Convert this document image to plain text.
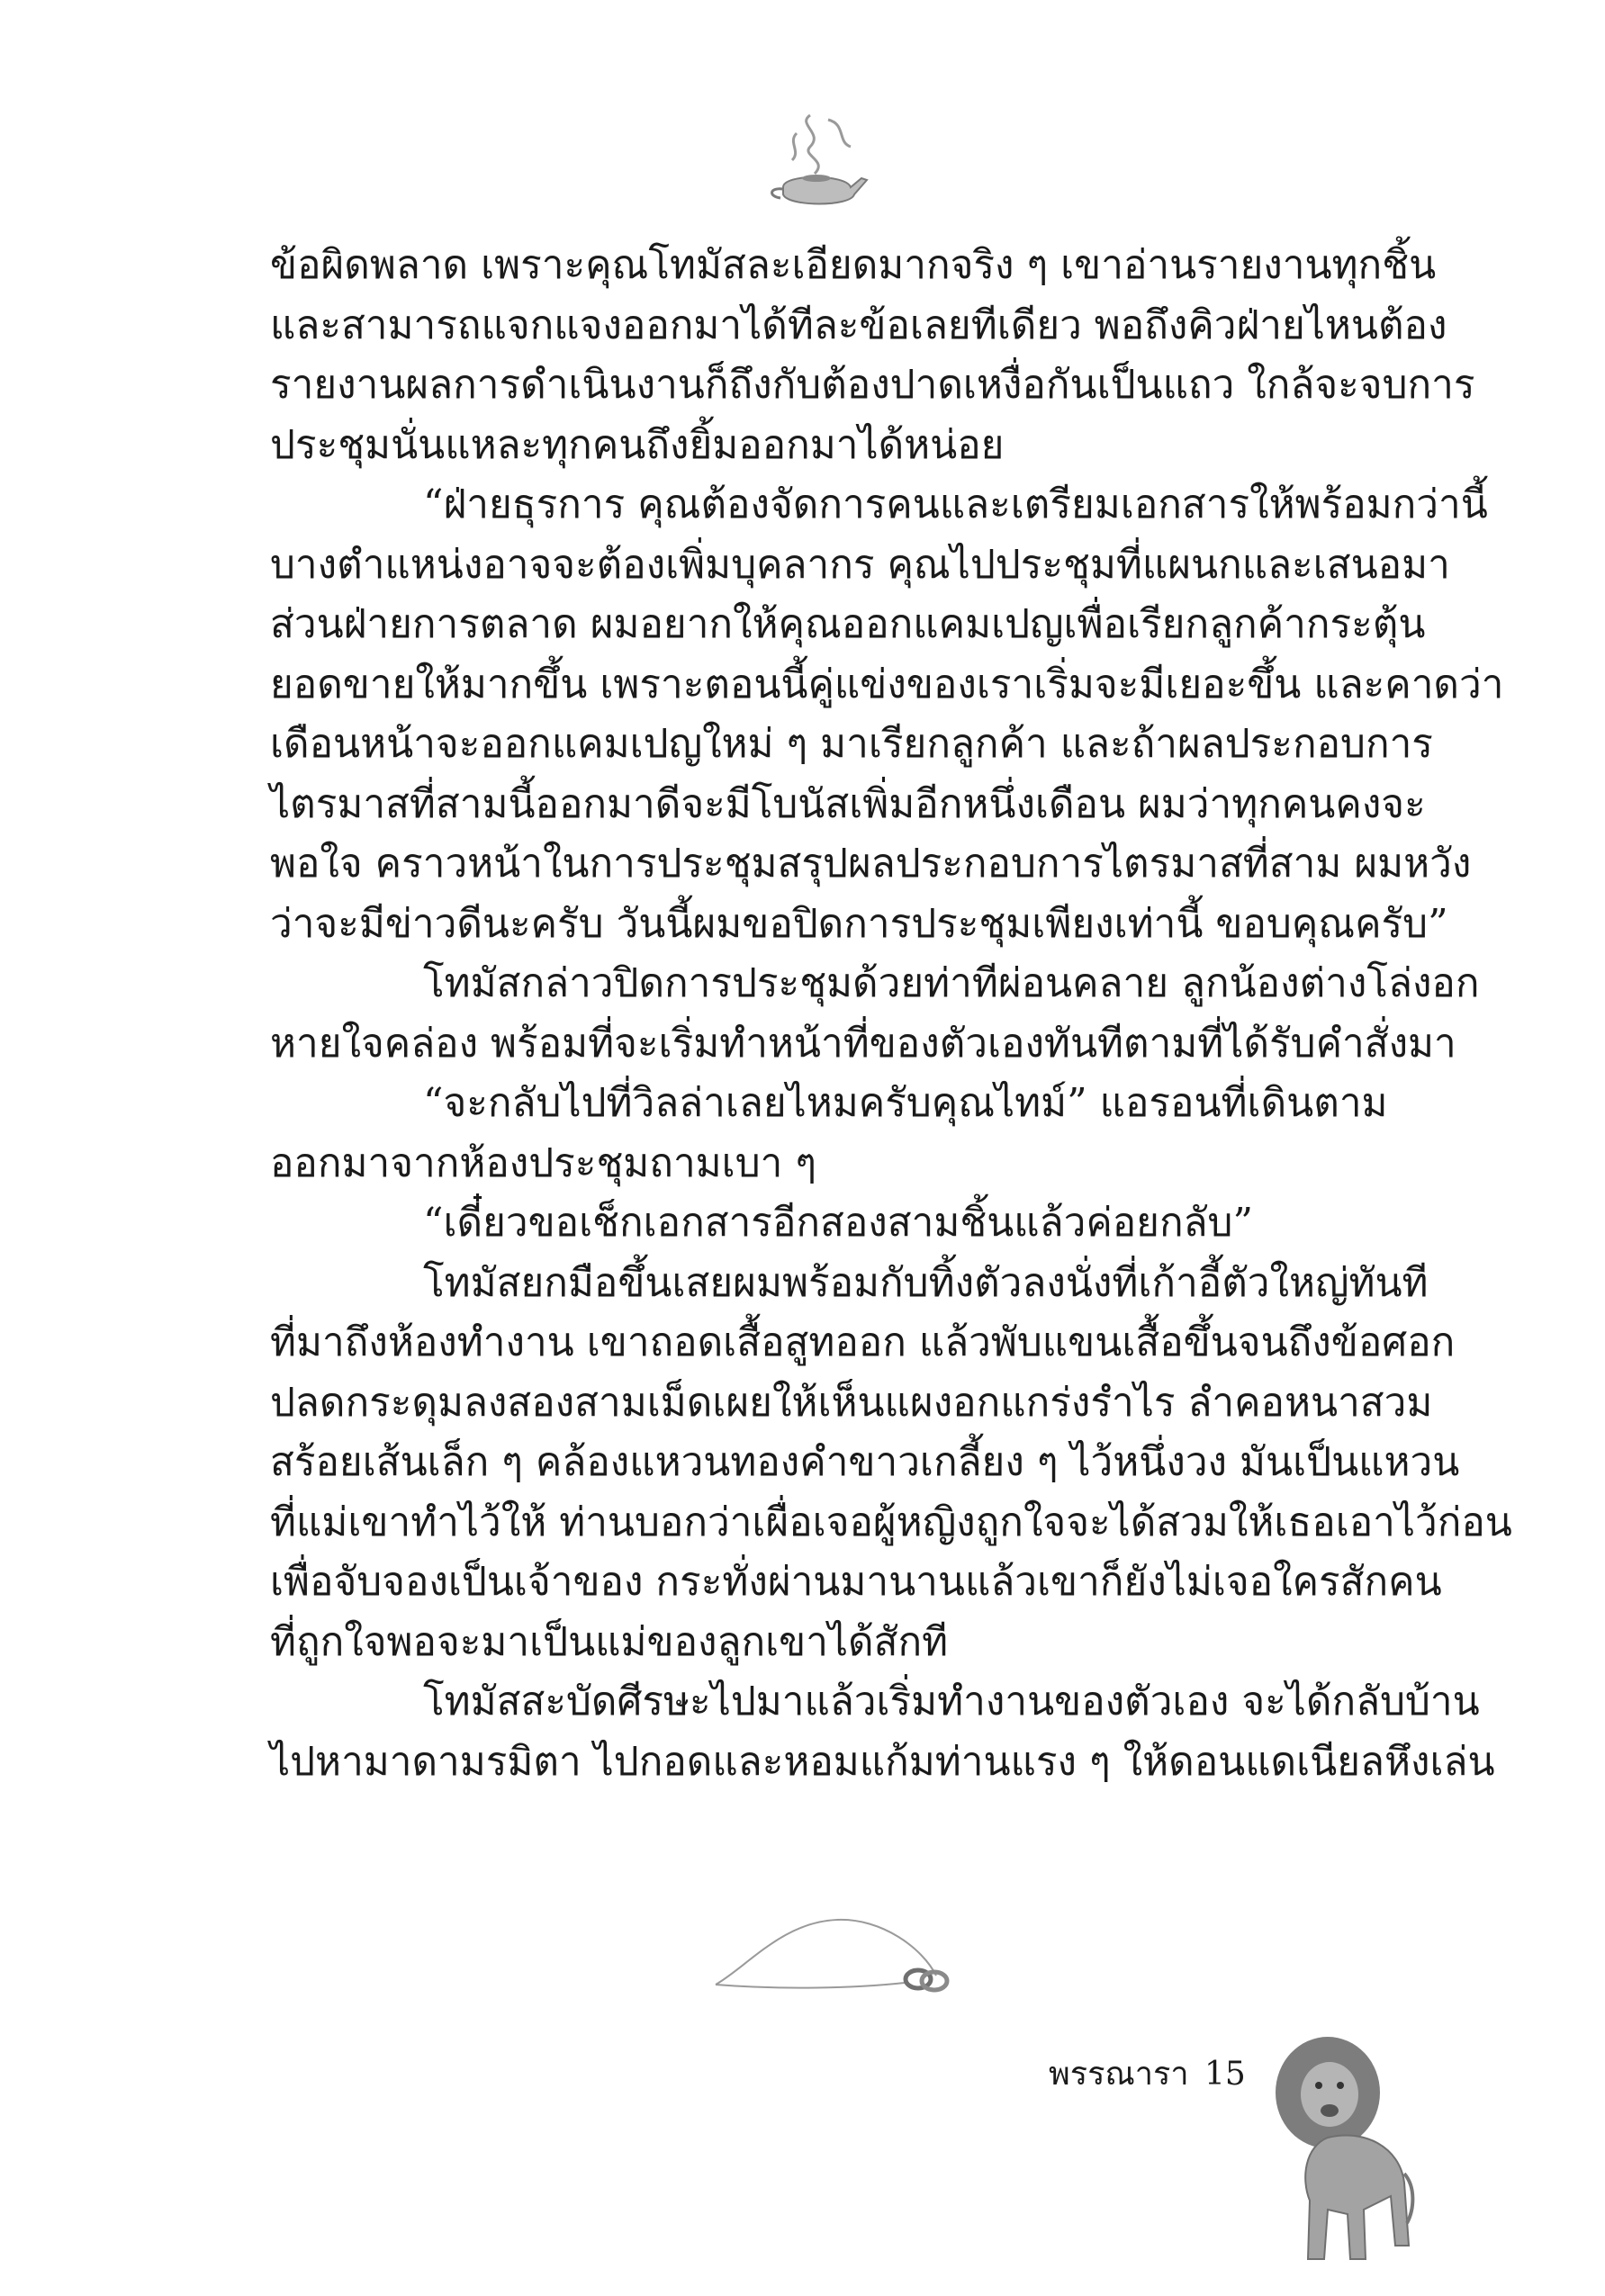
ข้อผิดพลาด เพราะคุณโทมัสละเอียดมากจริง ๆ เขาอ่านรายงานทุกชิ้น
และสามารถแจกแจงออกมาได้ทีละข้อเลยทีเดียว พอถึงคิวฝ่ายไหนต้อง
รายงานผลการดำเนินงานก็ถึงกับต้องปาดเหงื่อกันเป็นแถว ใกล้จะจบการ
ประชุมนั่นแหละทุกคนถึงยิ้มออกมาได้หน่อย
“ฝ่ายธุรการ คุณต้องจัดการคนและเตรียมเอกสารให้พร้อมกว่านี้
บางตำแหน่งอาจจะต้องเพิ่มบุคลากร คุณไปประชุมที่แผนกและเสนอมา
ส่วนฝ่ายการตลาด ผมอยากให้คุณออกแคมเปญเพื่อเรียกลูกค้ากระตุ้น
ยอดขายให้มากขึ้น เพราะตอนนี้คู่แข่งของเราเริ่มจะมีเยอะขึ้น และคาดว่า
เดือนหน้าจะออกแคมเปญใหม่ ๆ มาเรียกลูกค้า และถ้าผลประกอบการ
ไตรมาสที่สามนี้ออกมาดีจะมีโบนัสเพิ่มอีกหนึ่งเดือน ผมว่าทุกคนคงจะ
พอใจ คราวหน้าในการประชุมสรุปผลประกอบการไตรมาสที่สาม ผมหวัง
ว่าจะมีข่าวดีนะครับ วันนี้ผมขอปิดการประชุมเพียงเท่านี้ ขอบคุณครับ”
โทมัสกล่าวปิดการประชุมด้วยท่าทีผ่อนคลาย ลูกน้องต่างโล่งอก
หายใจคล่อง พร้อมที่จะเริ่มทำหน้าที่ของตัวเองทันทีตามที่ได้รับคำสั่งมา
“จะกลับไปที่วิลล่าเลยไหมครับคุณไทม์” แอรอนที่เดินตาม
ออกมาจากห้องประชุมถามเบา ๆ
“เดี๋ยวขอเช็กเอกสารอีกสองสามชิ้นแล้วค่อยกลับ”
โทมัสยกมือขึ้นเสยผมพร้อมกับทิ้งตัวลงนั่งที่เก้าอี้ตัวใหญ่ทันที
ที่มาถึงห้องทำงาน เขาถอดเสื้อสูทออก แล้วพับแขนเสื้อขึ้นจนถึงข้อศอก
ปลดกระดุมลงสองสามเม็ดเผยให้เห็นแผงอกแกร่งรำไร ลำคอหนาสวม
สร้อยเส้นเล็ก ๆ คล้องแหวนทองคำขาวเกลี้ยง ๆ ไว้หนึ่งวง มันเป็นแหวน
ที่แม่เขาทำไว้ให้ ท่านบอกว่าเผื่อเจอผู้หญิงถูกใจจะได้สวมให้เธอเอาไว้ก่อน
เพื่อจับจองเป็นเจ้าของ กระทั่งผ่านมานานแล้วเขาก็ยังไม่เจอใครสักคน
ที่ถูกใจพอจะมาเป็นแม่ของลูกเขาได้สักที
โทมัสสะบัดศีรษะไปมาแล้วเริ่มทำงานของตัวเอง จะได้กลับบ้าน
ไปหามาดามรมิตา ไปกอดและหอมแก้มท่านแรง ๆ ให้ดอนแดเนียลหึงเล่น
พรรณารา 15
